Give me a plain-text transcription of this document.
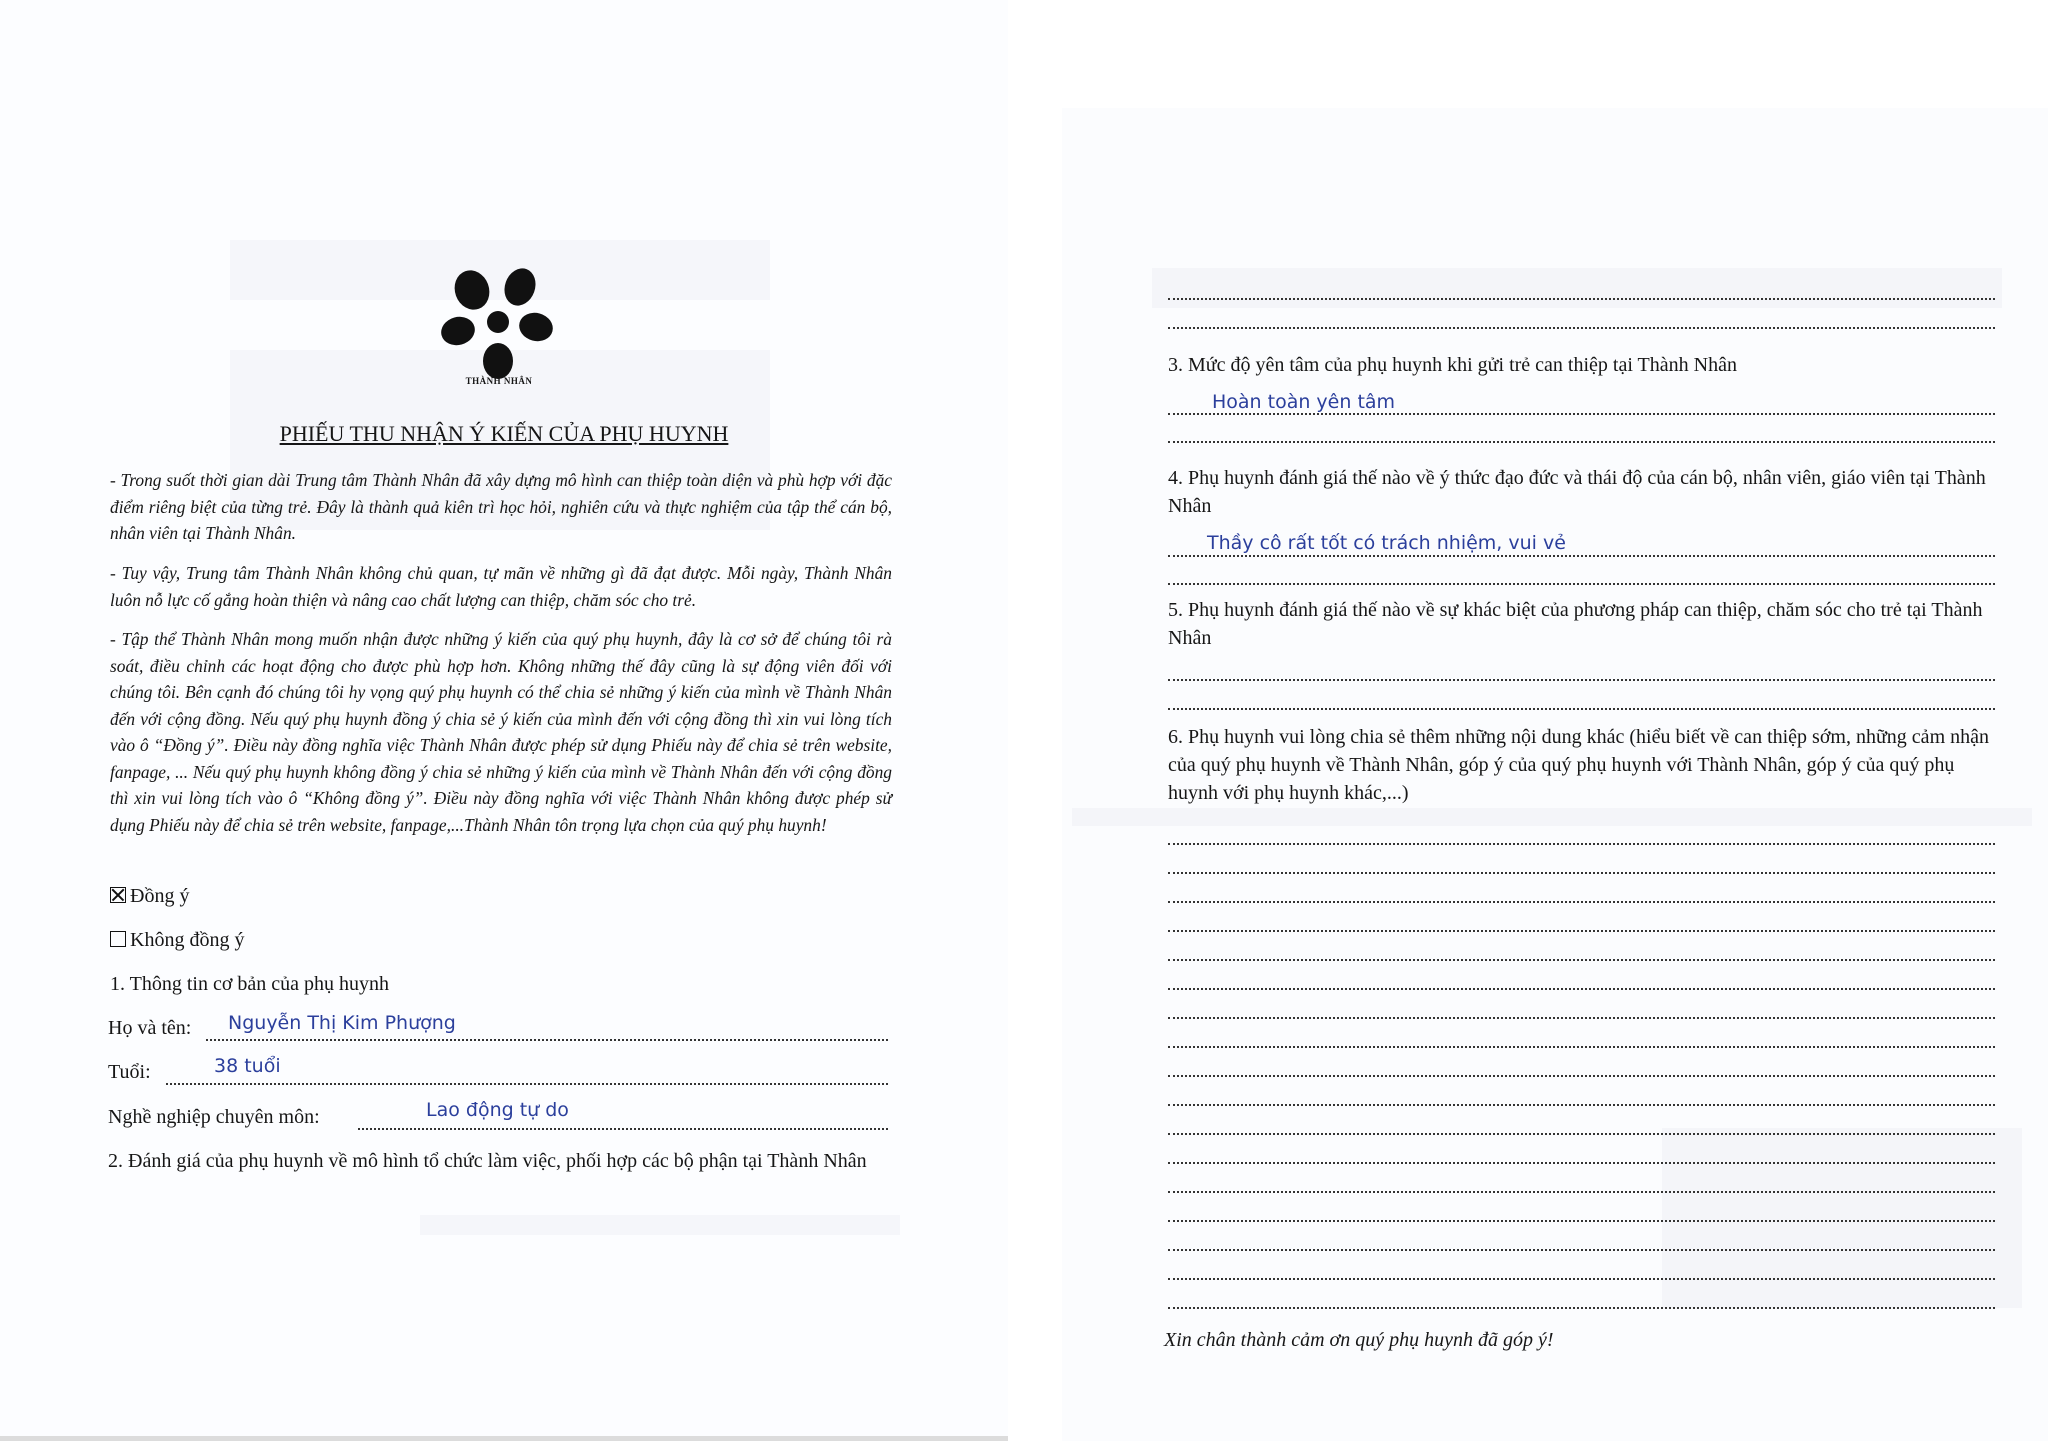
THÀNH NHÂN
PHIẾU THU NHẬN Ý KIẾN CỦA PHỤ HUYNH
- Trong suốt thời gian dài Trung tâm Thành Nhân đã xây dựng mô hình can thiệp toàn diện và phù hợp với đặc điểm riêng biệt của từng trẻ. Đây là thành quả kiên trì học hỏi, nghiên cứu và thực nghiệm của tập thể cán bộ, nhân viên tại Thành Nhân.
- Tuy vậy, Trung tâm Thành Nhân không chủ quan, tự mãn về những gì đã đạt được. Mỗi ngày, Thành Nhân luôn nỗ lực cố gắng hoàn thiện và nâng cao chất lượng can thiệp, chăm sóc cho trẻ.
- Tập thể Thành Nhân mong muốn nhận được những ý kiến của quý phụ huynh, đây là cơ sở để chúng tôi rà soát, điều chỉnh các hoạt động cho được phù hợp hơn. Không những thế đây cũng là sự động viên đối với chúng tôi. Bên cạnh đó chúng tôi hy vọng quý phụ huynh có thể chia sẻ những ý kiến của mình về Thành Nhân đến với cộng đồng. Nếu quý phụ huynh đồng ý chia sẻ ý kiến của mình đến với cộng đồng thì xin vui lòng tích vào ô “Đồng ý”. Điều này đồng nghĩa việc Thành Nhân được phép sử dụng Phiếu này để chia sẻ trên website, fanpage, ... Nếu quý phụ huynh không đồng ý chia sẻ những ý kiến của mình về Thành Nhân đến với cộng đồng thì xin vui lòng tích vào ô “Không đồng ý”. Điều này đồng nghĩa với việc Thành Nhân không được phép sử dụng Phiếu này để chia sẻ trên website, fanpage,...Thành Nhân tôn trọng lựa chọn của quý phụ huynh!
Đồng ý
Không đồng ý
1. Thông tin cơ bản của phụ huynh
Họ và tên: Nguyễn Thị Kim Phượng
Tuổi:	38 tuổi
Nghề nghiệp chuyên môn:	Lao động tự do
2. Đánh giá của phụ huynh về mô hình tổ chức làm việc, phối hợp các bộ phận tại Thành Nhân
3. Mức độ yên tâm của phụ huynh khi gửi trẻ can thiệp tại Thành Nhân
Hoàn toàn yên tâm
4. Phụ huynh đánh giá thế nào về ý thức đạo đức và thái độ của cán bộ, nhân viên, giáo viên tại Thành Nhân
Thầy cô rất tốt có trách nhiệm, vui vẻ
5. Phụ huynh đánh giá thế nào về sự khác biệt của phương pháp can thiệp, chăm sóc cho trẻ tại Thành Nhân
6. Phụ huynh vui lòng chia sẻ thêm những nội dung khác (hiểu biết về can thiệp sớm, những cảm nhận của quý phụ huynh về Thành Nhân, góp ý của quý phụ huynh với Thành Nhân, góp ý của quý phụ huynh với phụ huynh khác,...)
Xin chân thành cảm ơn quý phụ huynh đã góp ý!
